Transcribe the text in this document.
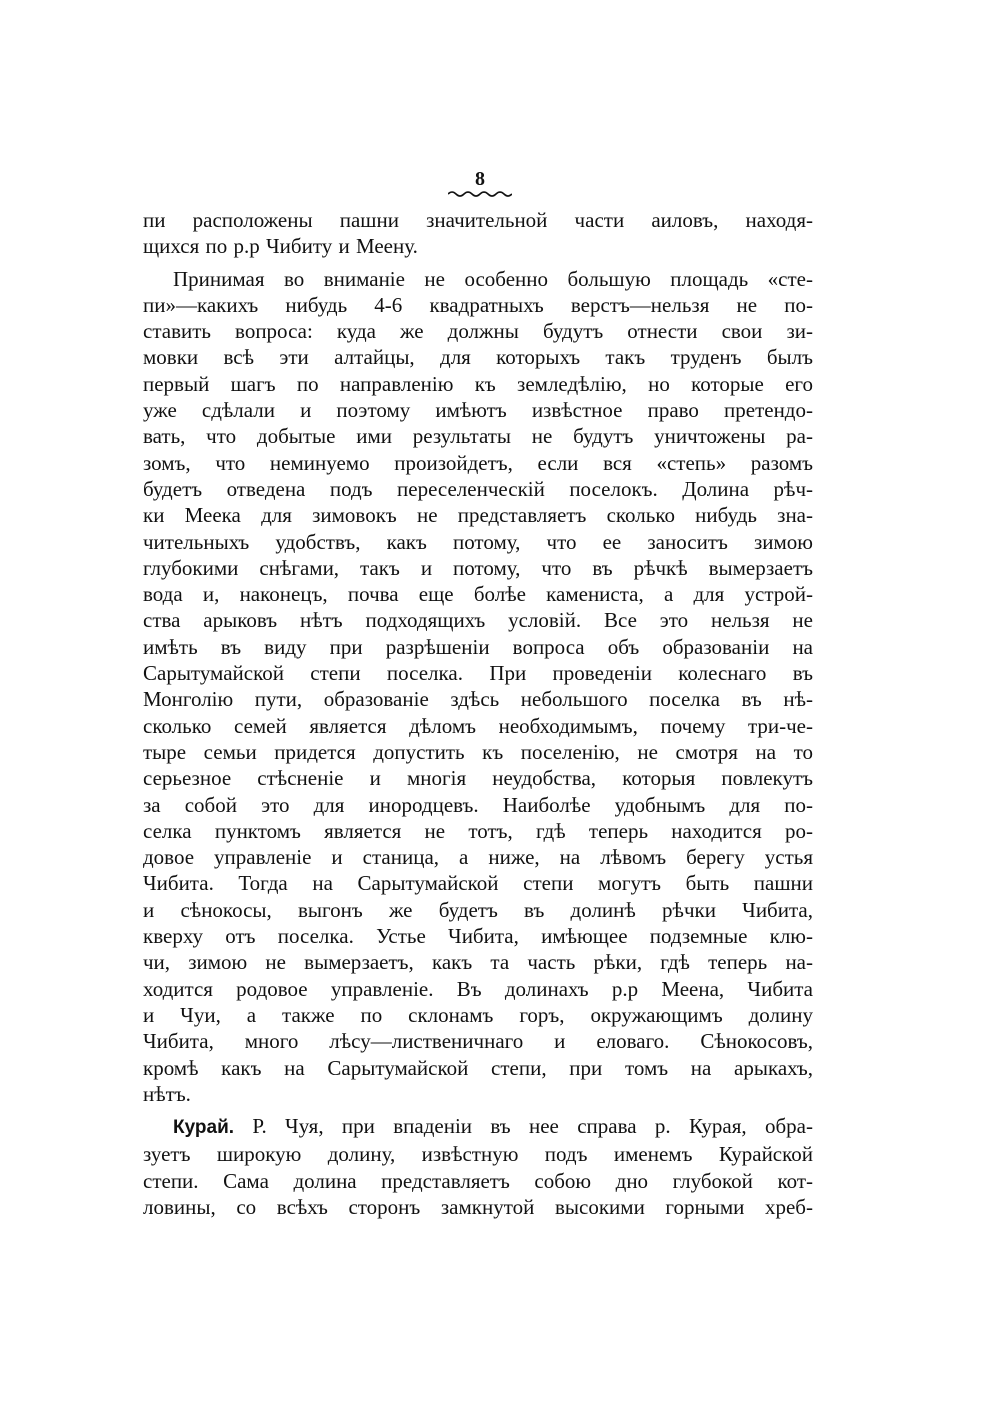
8

пи расположены пашни значительной части аиловъ, находя-
щихся по р.р Чибиту и Меену.

Принимая во вниманіе не особенно большую площадь «сте-
пи»—какихъ нибудь 4-6 квадратныхъ верстъ—нельзя не по-
ставить вопроса: куда же должны будутъ отнести свои зи-
мовки всѣ эти алтайцы, для которыхъ такъ труденъ былъ
первый шагъ по направленію къ земледѣлію, но которые его
уже сдѣлали и поэтому имѣютъ извѣстное право претендо-
вать, что добытые ими результаты не будутъ уничтожены ра-
зомъ, что неминуемо произойдетъ, если вся «степь» разомъ
будетъ отведена подъ переселенческій поселокъ. Долина рѣч-
ки Меека для зимовокъ не представляетъ сколько нибудь зна-
чительныхъ удобствъ, какъ потому, что ее заноситъ зимою
глубокими снѣгами, такъ и потому, что въ рѣчкѣ вымерзаетъ
вода и, наконецъ, почва еще болѣе камениста, а для устрой-
ства арыковъ нѣтъ подходящихъ условій. Все это нельзя не
имѣть въ виду при разрѣшеніи вопроса объ образованіи на
Сарытумайской степи поселка. При проведеніи колеснаго въ
Монголію пути, образованіе здѣсь небольшого поселка въ нѣ-
сколько семей является дѣломъ необходимымъ, почему три-че-
тыре семьи придется допустить къ поселенію, не смотря на то
серьезное стѣсненіе и многія неудобства, которыя повлекутъ
за собой это для инородцевъ. Наиболѣе удобнымъ для по-
селка пунктомъ является не тотъ, гдѣ теперь находится ро-
довое управленіе и станица, а ниже, на лѣвомъ берегу устья
Чибита. Тогда на Сарытумайской степи могутъ быть пашни
и сѣнокосы, выгонъ же будетъ въ долинѣ рѣчки Чибита,
кверху отъ поселка. Устье Чибита, имѣющее подземные клю-
чи, зимою не вымерзаетъ, какъ та часть рѣки, гдѣ теперь на-
ходится родовое управленіе. Въ долинахъ р.р Меена, Чибита
и Чуи, а также по склонамъ горъ, окружающимъ долину
Чибита, много лѣсу—лиственичнаго и еловаго. Сѣнокосовъ,
кромѣ какъ на Сарытумайской степи, при томъ на арыкахъ,
нѣтъ.

Курай. Р. Чуя, при впаденіи въ нее справа р. Курая, обра-
зуетъ широкую долину, извѣстную подъ именемъ Курайской
степи. Сама долина представляетъ собою дно глубокой кот-
ловины, со всѣхъ сторонъ замкнутой высокими горными хреб-
